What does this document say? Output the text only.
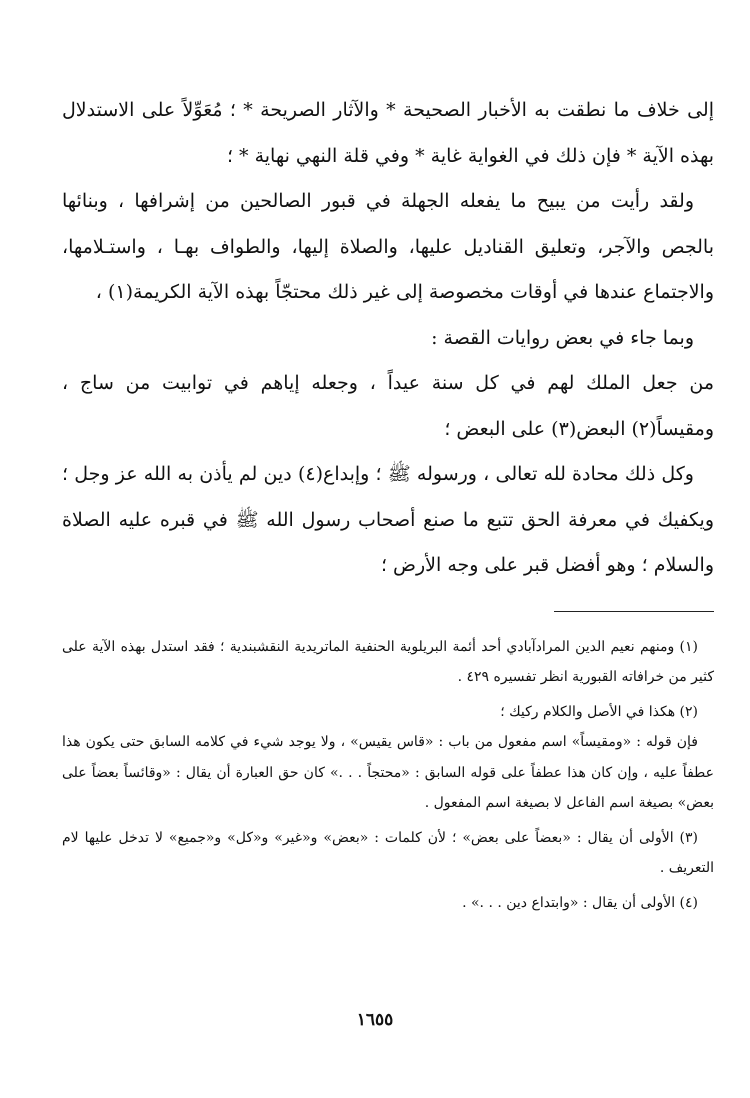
إلى خلاف ما نطقت به الأخبار الصحيحة * والآثار الصريحة * ؛ مُعَوِّلاً على الاستدلال بهذه الآية * فإن ذلك في الغواية غاية * وفي قلة النهي نهاية * ؛

ولقد رأيت من يبيح ما يفعله الجهلة في قبور الصالحين من إشرافها ، وبنائها بالجص والآجر، وتعليق القناديل عليها، والصلاة إليها، والطواف بهـا ، واستـلامها، والاجتماع عندها في أوقات مخصوصة إلى غير ذلك محتجّاً بهذه الآية الكريمة(١) ،

وبما جاء في بعض روايات القصة :

من جعل الملك لهم في كل سنة عيداً ، وجعله إياهم في توابيت من ساج ، ومقيساً(٢) البعض(٣) على البعض ؛

وكل ذلك محادة لله تعالى ، ورسوله ﷺ ؛ وإبداع(٤) دين لم يأذن به الله عز وجل ؛ ويكفيك في معرفة الحق تتبع ما صنع أصحاب رسول الله ﷺ في قبره عليه الصلاة والسلام ؛ وهو أفضل قبر على وجه الأرض ؛

(١) ومنهم نعيم الدين المرادآبادي أحد أئمة البريلوية الحنفية الماتريدية النقشبندية ؛ فقد استدل بهذه الآية على كثير من خرافاته القبورية انظر تفسيره ٤٢٩ .

(٢) هكذا في الأصل والكلام ركيك ؛

فإن قوله : «ومقيساً» اسم مفعول من باب : «قاس يقيس» ، ولا يوجد شيء في كلامه السابق حتى يكون هذا عطفاً عليه ، وإن كان هذا عطفاً على قوله السابق : «محتجاً . . .» كان حق العبارة أن يقال : «وقائساً بعضاً على بعض» بصيغة اسم الفاعل لا بصيغة اسم المفعول .

(٣) الأولى أن يقال : «بعضاً على بعض» ؛ لأن كلمات : «بعض» و«غير» و«كل» و«جميع» لا تدخل عليها لام التعريف .

(٤) الأولى أن يقال : «وابتداع دين . . .» .

١٦٥٥
